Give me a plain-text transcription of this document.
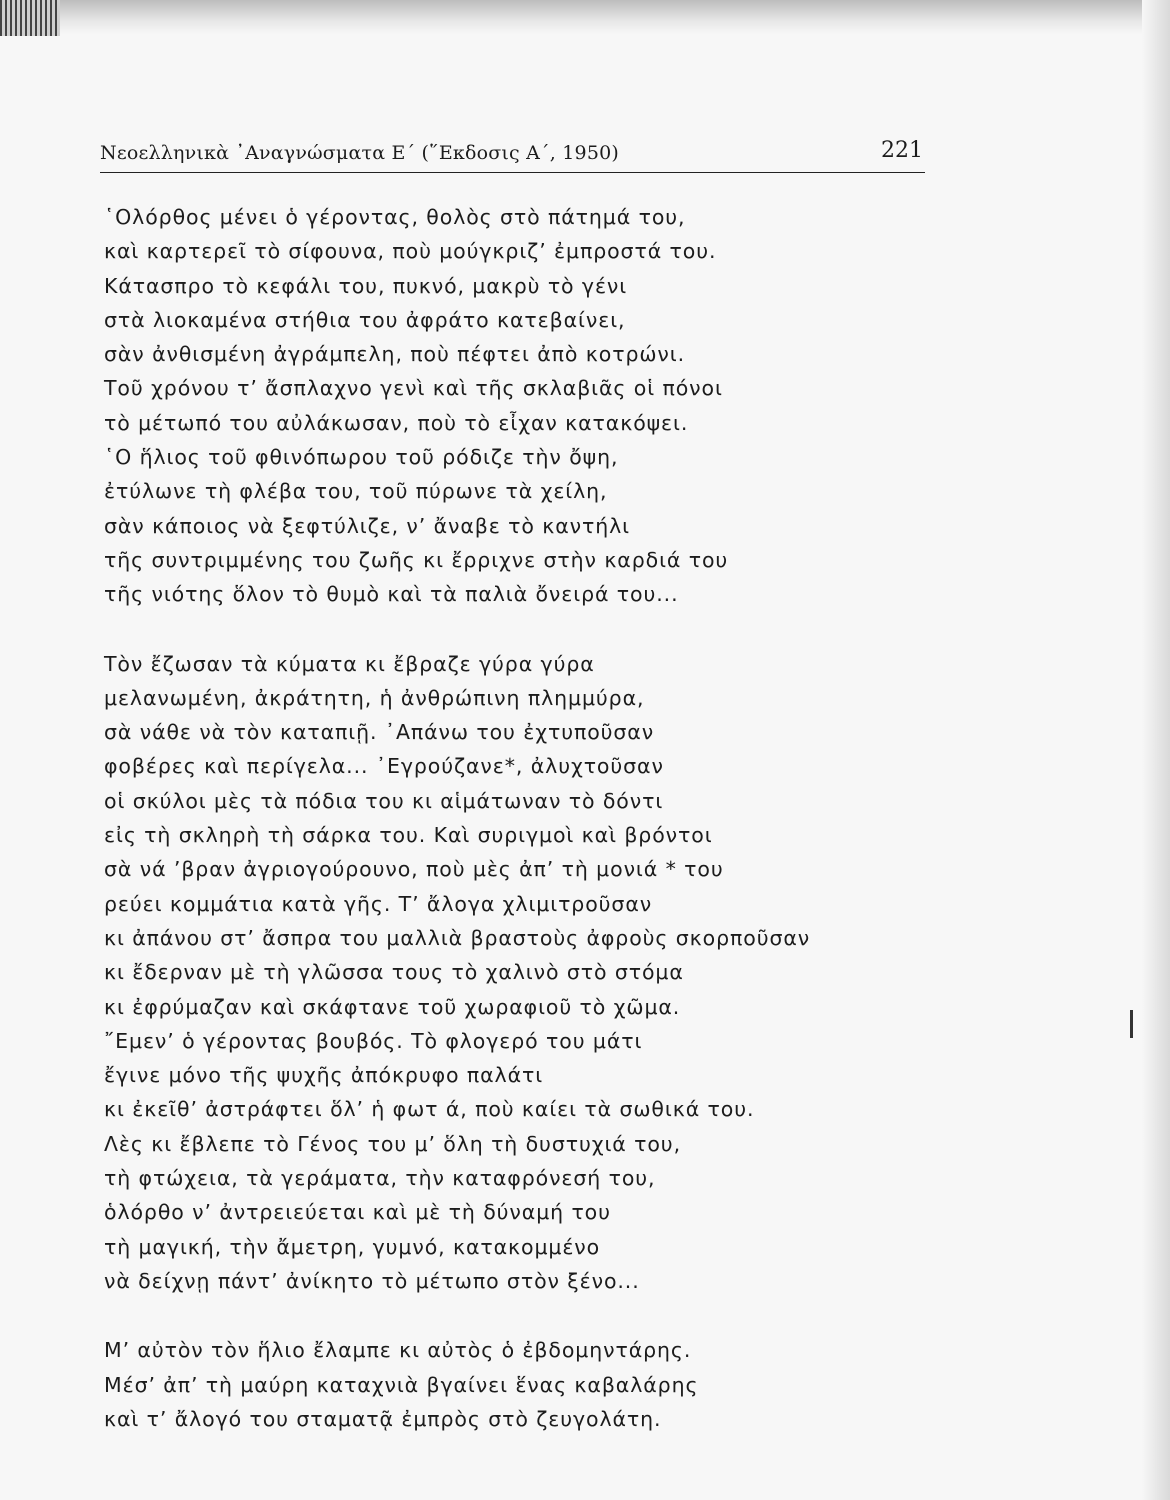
Νεοελληνικὰ ᾿Αναγνώσματα Ε΄ (῞Εκδοσις Α΄, 1950)	221
῾Ολόρθος μένει ὁ γέροντας, θολὸς στὸ πάτημά του,
καὶ καρτερεῖ τὸ σίφουνα, ποὺ μούγκριζ’ ἐμπροστά του.
Κάτασπρο τὸ κεφάλι του, πυκνό, μακρὺ τὸ γένι
στὰ λιοκαμένα στήθια του ἀφράτο κατεβαίνει,
σὰν ἀνθισμένη ἀγράμπελη, ποὺ πέφτει ἀπὸ κοτρώνι.
Τοῦ χρόνου τ’ ἄσπλαχνο γενὶ καὶ τῆς σκλαβιᾶς οἱ πόνοι
τὸ μέτωπό του αὐλάκωσαν, ποὺ τὸ εἶχαν κατακόψει.
῾Ο ἥλιος τοῦ φθινόπωρου τοῦ ρόδιζε τὴν ὄψη,
ἐτύλωνε τὴ φλέβα του, τοῦ πύρωνε τὰ χείλη,
σὰν κάποιος νὰ ξεφτύλιζε, ν’ ἄναβε τὸ καντήλι
τῆς συντριμμένης του ζωῆς κι ἔρριχνε στὴν καρδιά του
τῆς νιότης ὅλον τὸ θυμὸ καὶ τὰ παλιὰ ὄνειρά του...
Τὸν ἔζωσαν τὰ κύματα κι ἔβραζε γύρα γύρα
μελανωμένη, ἀκράτητη, ἡ ἀνθρώπινη πλημμύρα,
σὰ νάθε νὰ τὸν καταπιῇ. ᾿Απάνω του ἐχτυποῦσαν
φοβέρες καὶ περίγελα... ᾿Εγρούζανε*, ἀλυχτοῦσαν
οἱ σκύλοι μὲς τὰ πόδια του κι αἱμάτωναν τὸ δόντι
εἰς τὴ σκληρὴ τὴ σάρκα του. Καὶ συριγμοὶ καὶ βρόντοι
σὰ νά ’βραν ἀγριογούρουνο, ποὺ μὲς ἀπ’ τὴ μονιά * του
ρεύει κομμάτια κατὰ γῆς. Τ’ ἄλογα χλιμιτροῦσαν
κι ἀπάνου στ’ ἄσπρα του μαλλιὰ βραστοὺς ἀφροὺς σκορποῦσαν
κι ἔδερναν μὲ τὴ γλῶσσα τους τὸ χαλινὸ στὸ στόμα
κι ἐφρύμαζαν καὶ σκάφτανε τοῦ χωραφιοῦ τὸ χῶμα.
῎Εμεν’ ὁ γέροντας βουβός. Τὸ φλογερό του μάτι
ἔγινε μόνο τῆς ψυχῆς ἀπόκρυφο παλάτι
κι ἐκεῖθ’ ἀστράφτει ὅλ’ ἡ φωτ ά, ποὺ καίει τὰ σωθικά του.
Λὲς κι ἔβλεπε τὸ Γένος του μ’ ὅλη τὴ δυστυχιά του,
τὴ φτώχεια, τὰ γεράματα, τὴν καταφρόνεσή του,
ὁλόρθο ν’ ἀντρειεύεται καὶ μὲ τὴ δύναμή του
τὴ μαγική, τὴν ἄμετρη, γυμνό, κατακομμένο
νὰ δείχνῃ πάντ’ ἀνίκητο τὸ μέτωπο στὸν ξένο...
Μ’ αὐτὸν τὸν ἥλιο ἔλαμπε κι αὐτὸς ὁ ἐβδομηντάρης.
Μέσ’ ἀπ’ τὴ μαύρη καταχνιὰ βγαίνει ἕνας καβαλάρης
καὶ τ’ ἄλογό του σταματᾷ ἐμπρὸς στὸ ζευγολάτη.
